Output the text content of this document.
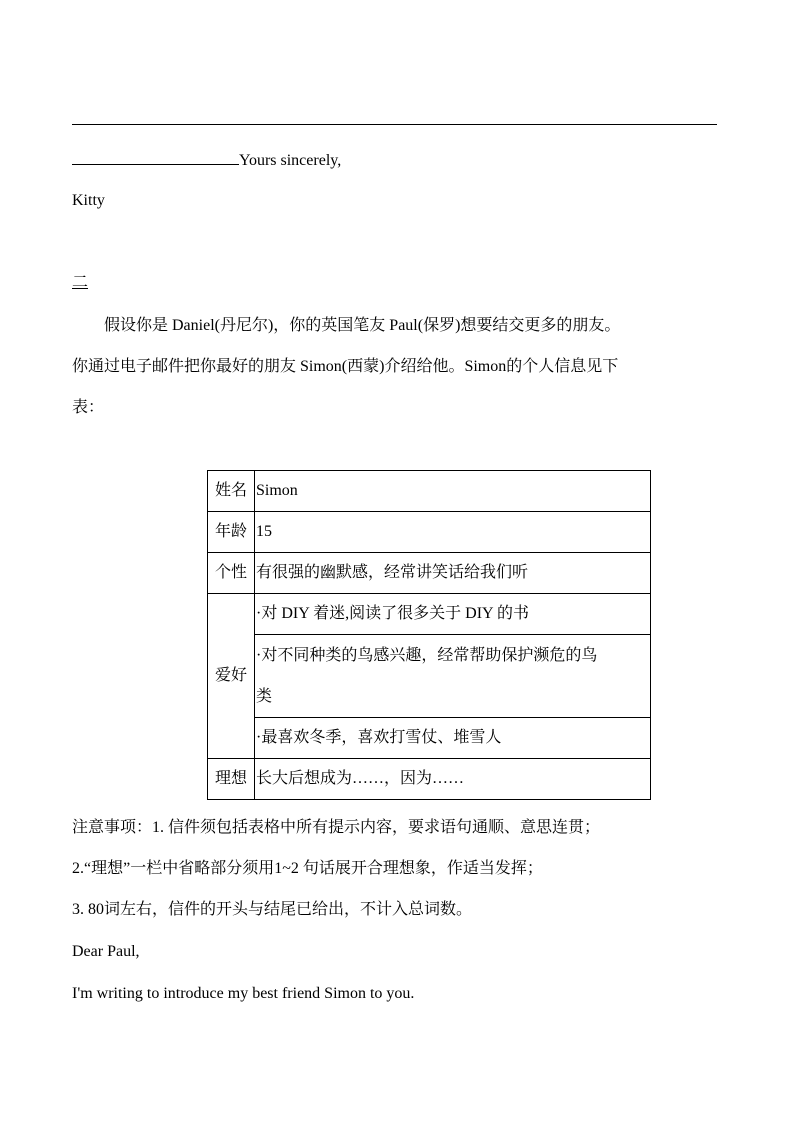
Yours sincerely,
Kitty
二
假设你是 Daniel(丹尼尔)，你的英国笔友 Paul(保罗)想要结交更多的朋友。
你通过电子邮件把你最好的朋友 Simon(西蒙)介绍给他。Simon的个人信息见下
表：
姓名	Simon
年龄	15
个性	有很强的幽默感，经常讲笑话给我们听
爱好	·对 DIY 着迷,阅读了很多关于 DIY 的书

	·对不同种类的鸟感兴趣，经常帮助保护濒危的鸟
类

	·最喜欢冬季，喜欢打雪仗、堆雪人
理想	长大后想成为……，因为……
注意事项：1. 信件须包括表格中所有提示内容，要求语句通顺、意思连贯；
2.“理想”一栏中省略部分须用1~2 句话展开合理想象，作适当发挥；
3. 80词左右，信件的开头与结尾已给出，不计入总词数。
Dear Paul,
I'm writing to introduce my best friend Simon to you.
